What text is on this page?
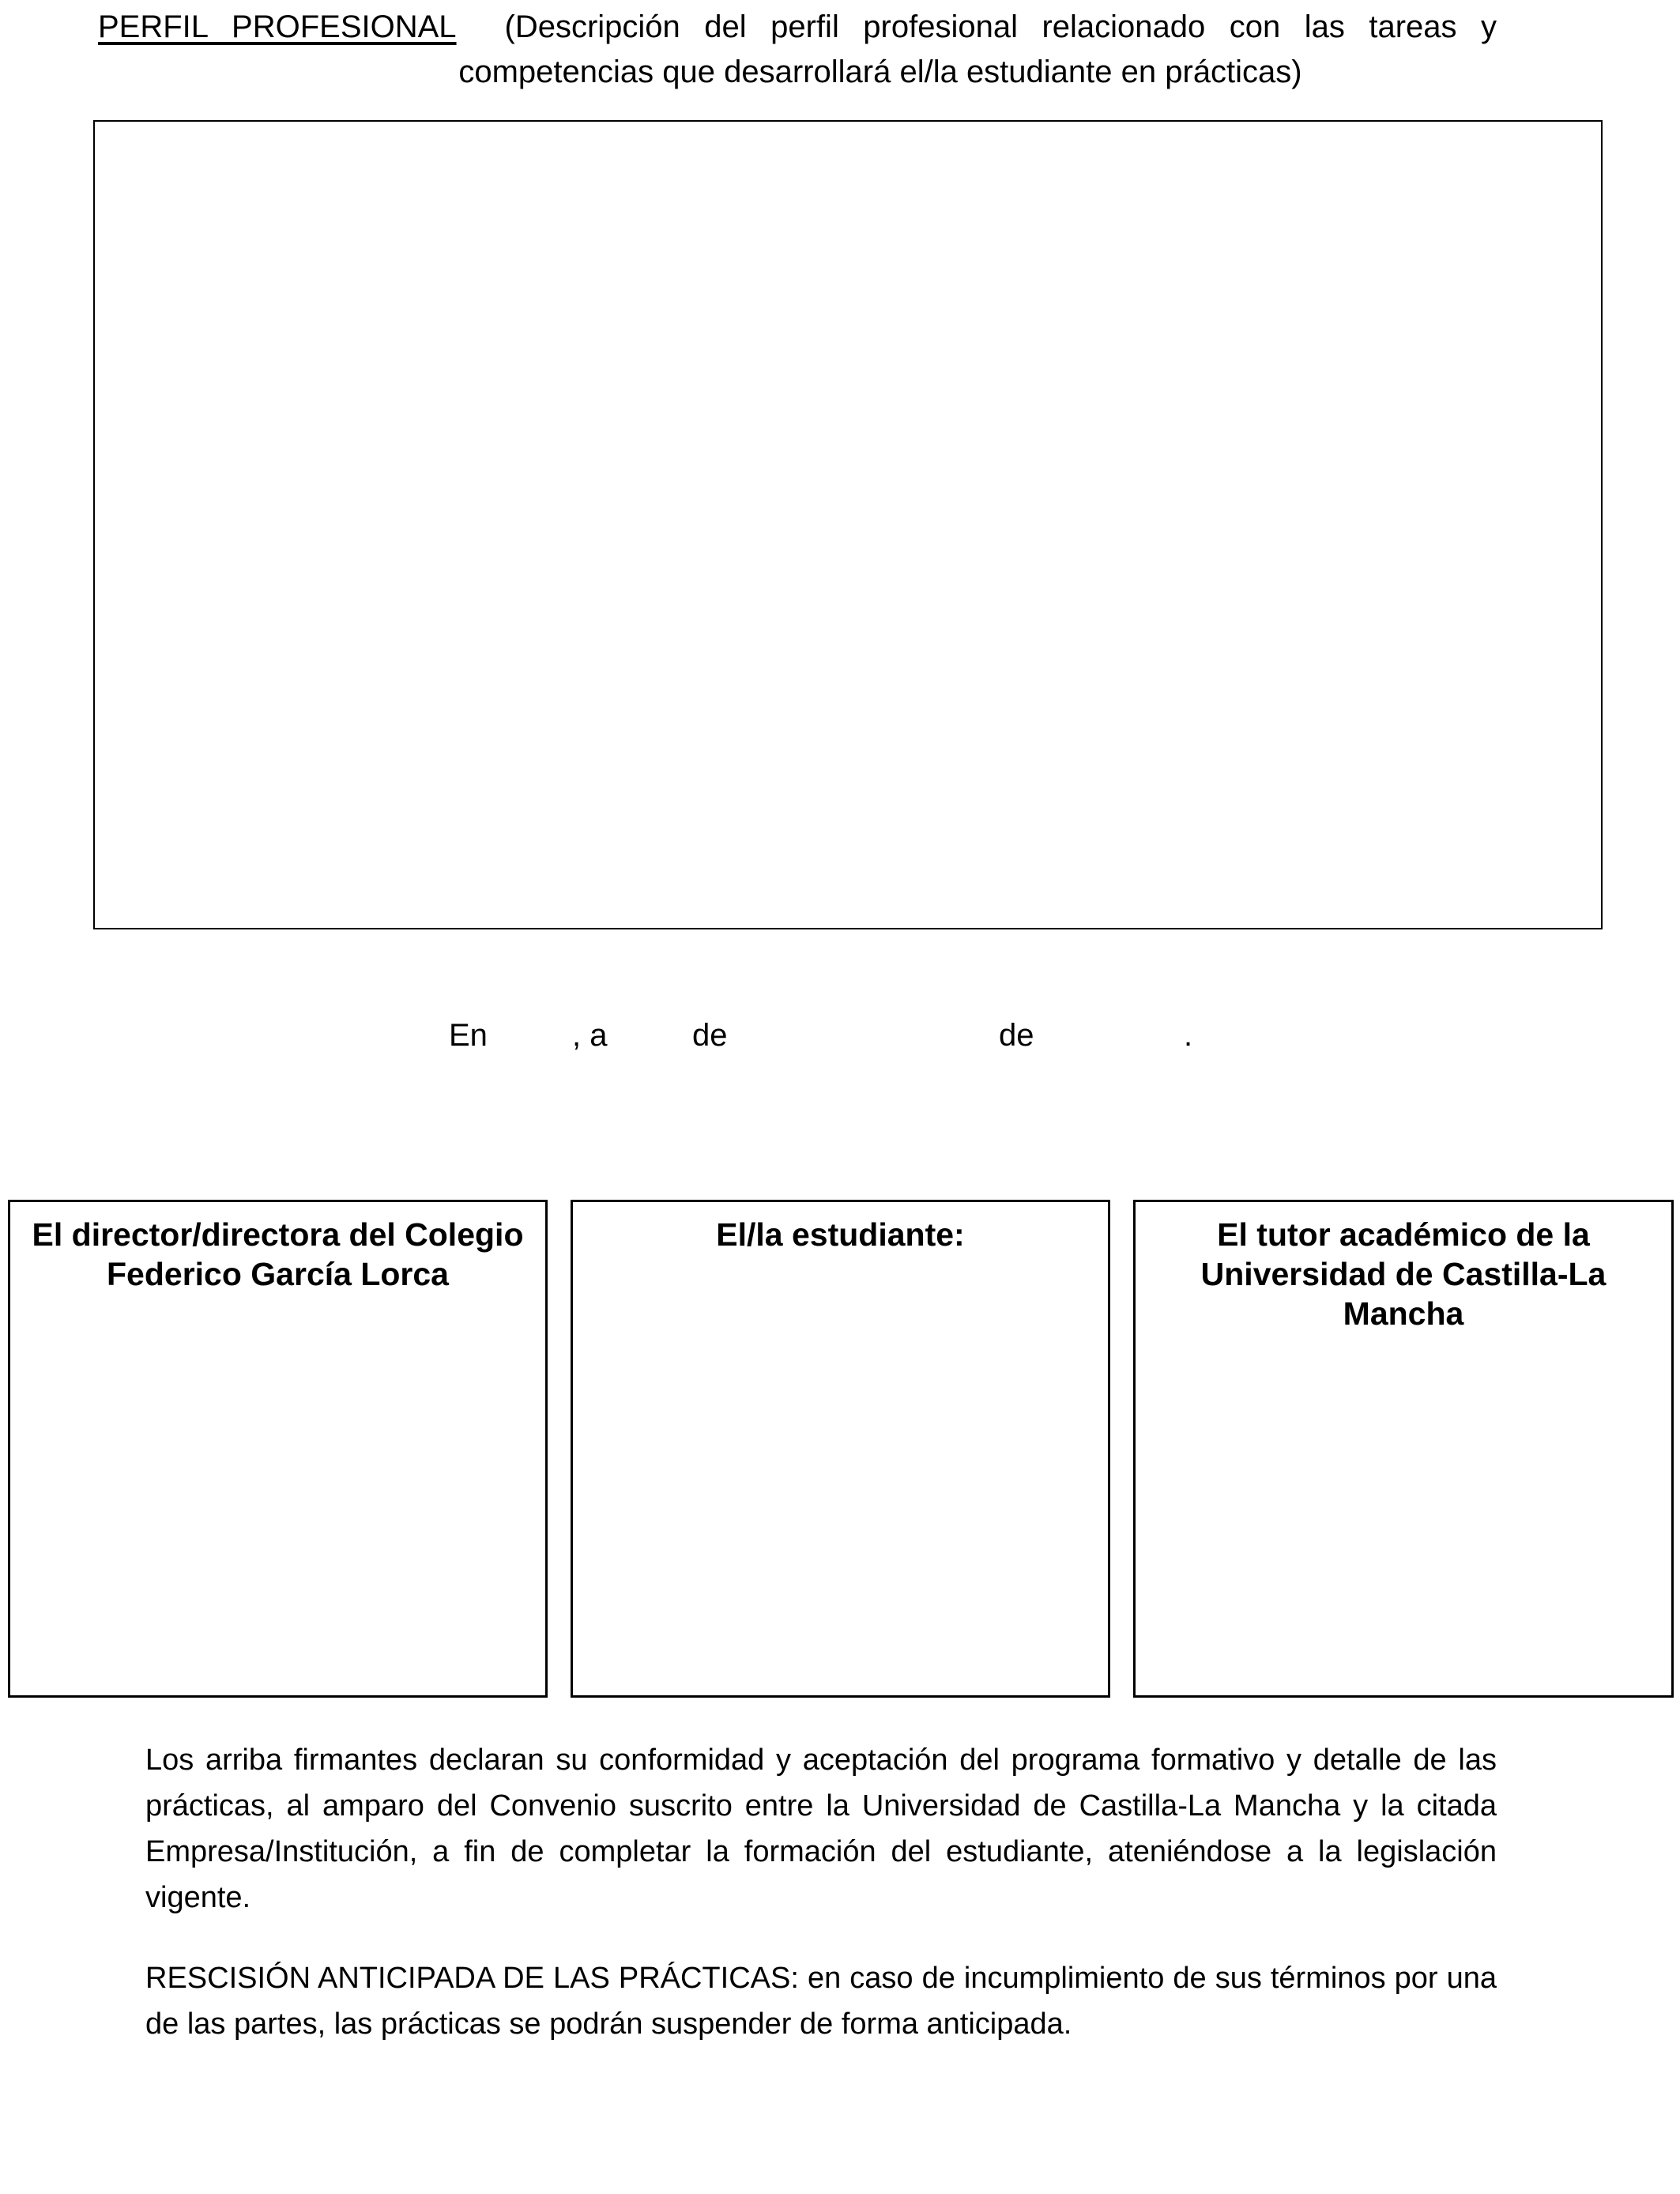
PERFIL PROFESIONAL (Descripción del perfil profesional relacionado con las tareas y
competencias que desarrollará el/la estudiante en prácticas)
En	, a	de	de	.
El director/directora del Colegio Federico García Lorca
El/la estudiante:	El tutor académico de la Universidad de Castilla-La Mancha

Los arriba firmantes declaran su conformidad y aceptación del programa formativo y detalle de las prácticas, al amparo del Convenio suscrito entre la Universidad de Castilla-La Mancha y la citada Empresa/Institución, a fin de completar la formación del estudiante, ateniéndose a la legislación vigente.

RESCISIÓN ANTICIPADA DE LAS PRÁCTICAS: en caso de incumplimiento de sus términos por una de las partes, las prácticas se podrán suspender de forma anticipada.
